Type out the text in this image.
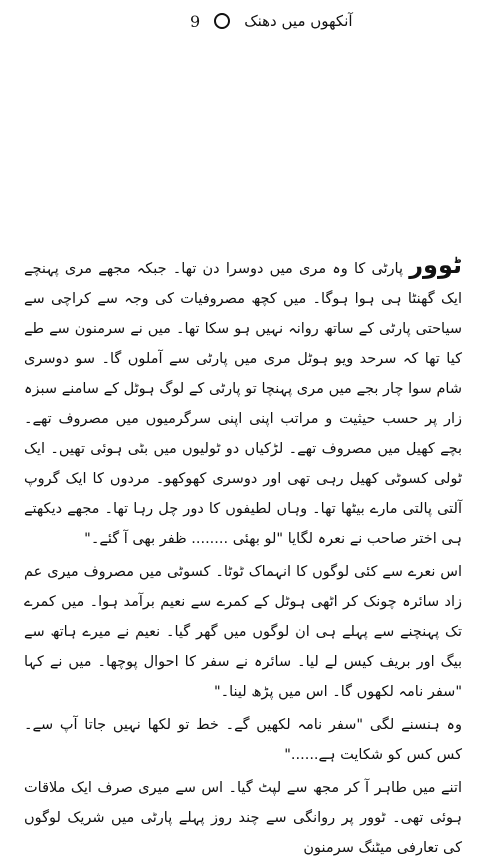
9	آنکھوں میں دھنک

ٹوور پارٹی کا وہ مری میں دوسرا دن تھا۔ جبکہ مجھے مری پہنچے ایک گھنٹا ہی ہوا ہوگا۔ میں کچھ مصروفیات کی وجہ سے کراچی سے سیاحتی پارٹی کے ساتھ روانہ نہیں ہو سکا تھا۔ میں نے سرمنون سے طے کیا تھا کہ سرحد ویو ہوٹل مری میں پارٹی سے آملوں گا۔ سو دوسری شام سوا چار بجے میں مری پہنچا تو پارٹی کے لوگ ہوٹل کے سامنے سبزہ زار پر حسب حیثیت و مراتب اپنی اپنی سرگرمیوں میں مصروف تھے۔ بچے کھیل میں مصروف تھے۔ لڑکیاں دو ٹولیوں میں بٹی ہوئی تھیں۔ ایک ٹولی کسوٹی کھیل رہی تھی اور دوسری کھوکھو۔ مردوں کا ایک گروپ آلتی پالتی مارے بیٹھا تھا۔ وہاں لطیفوں کا دور چل رہا تھا۔ مجھے دیکھتے ہی اختر صاحب نے نعرہ لگایا "لو بھئی ........ ظفر بھی آ گئے۔"

اس نعرے سے کئی لوگوں کا انہماک ٹوٹا۔ کسوٹی میں مصروف میری عم زاد سائرہ چونک کر اٹھی ہوٹل کے کمرے سے نعیم برآمد ہوا۔ میں کمرے تک پہنچنے سے پہلے ہی ان لوگوں میں گھر گیا۔ نعیم نے میرے ہاتھ سے بیگ اور بریف کیس لے لیا۔ سائرہ نے سفر کا احوال پوچھا۔ میں نے کہا "سفر نامہ لکھوں گا۔ اس میں پڑھ لینا۔"

وہ ہنسنے لگی "سفر نامہ لکھیں گے۔ خط تو لکھا نہیں جاتا آپ سے۔ کس کس کو شکایت ہے......"

اتنے میں طاہر آ کر مجھ سے لپٹ گیا۔ اس سے میری صرف ایک ملاقات ہوئی تھی۔ ٹوور پر روانگی سے چند روز پہلے پارٹی میں شریک لوگوں کی تعارفی میٹنگ سرمنون
